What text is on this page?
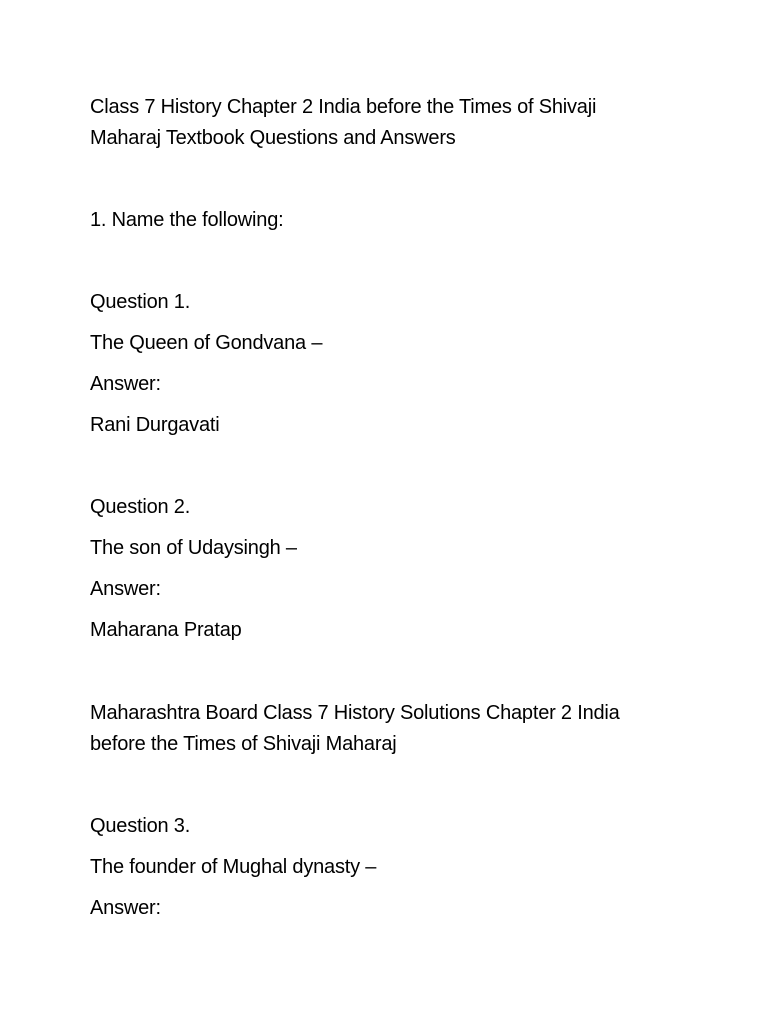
Class 7 History Chapter 2 India before the Times of Shivaji
Maharaj Textbook Questions and Answers
1. Name the following:
Question 1.
The Queen of Gondvana –
Answer:
Rani Durgavati
Question 2.
The son of Udaysingh –
Answer:
Maharana Pratap
Maharashtra Board Class 7 History Solutions Chapter 2 India
before the Times of Shivaji Maharaj
Question 3.
The founder of Mughal dynasty –
Answer:
